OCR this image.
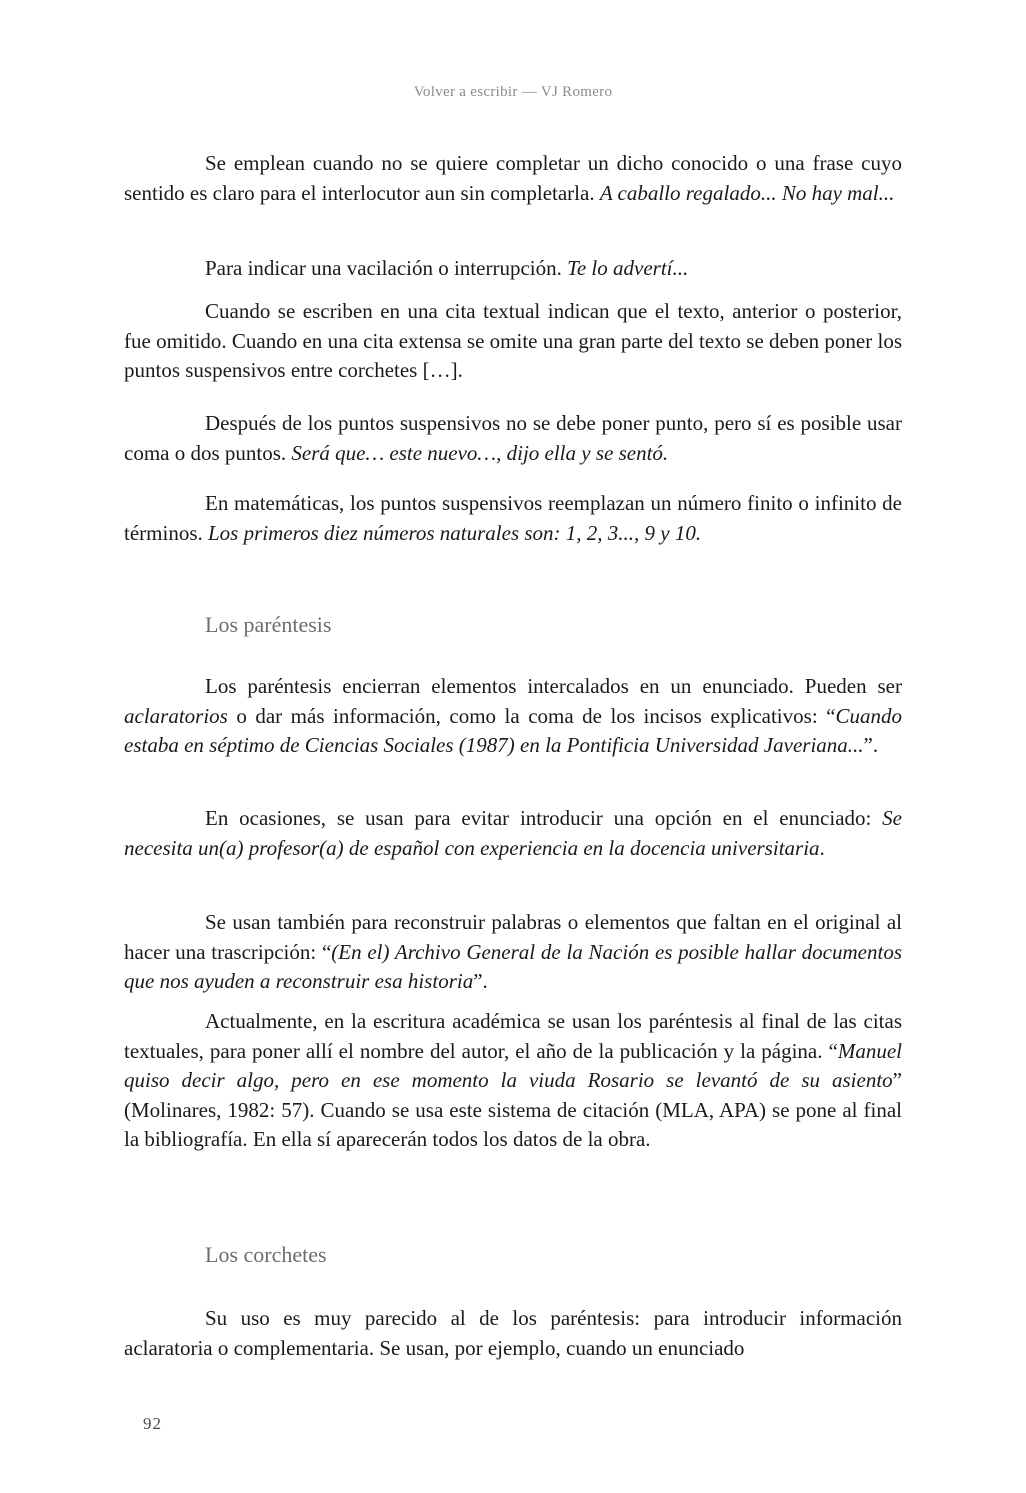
Volver a escribir — VJ Romero

Se emplean cuando no se quiere completar un dicho conocido o una frase cuyo sentido es claro para el interlocutor aun sin completarla. A caballo regalado... No hay mal...

Para indicar una vacilación o interrupción. Te lo advertí...

Cuando se escriben en una cita textual indican que el texto, anterior o posterior, fue omitido. Cuando en una cita extensa se omite una gran parte del texto se deben poner los puntos suspensivos entre corchetes […].

Después de los puntos suspensivos no se debe poner punto, pero sí es posible usar coma o dos puntos. Será que… este nuevo…, dijo ella y se sentó.

En matemáticas, los puntos suspensivos reemplazan un número finito o infinito de términos. Los primeros diez números naturales son: 1, 2, 3..., 9 y 10.

Los paréntesis

Los paréntesis encierran elementos intercalados en un enunciado. Pueden ser aclaratorios o dar más información, como la coma de los incisos explicativos: “Cuando estaba en séptimo de Ciencias Sociales (1987) en la Pontificia Universidad Javeriana...”.

En ocasiones, se usan para evitar introducir una opción en el enunciado: Se necesita un(a) profesor(a) de español con experiencia en la docencia universitaria.

Se usan también para reconstruir palabras o elementos que faltan en el original al hacer una trascripción: “(En el) Archivo General de la Nación es posible hallar documentos que nos ayuden a reconstruir esa historia”.

Actualmente, en la escritura académica se usan los paréntesis al final de las citas textuales, para poner allí el nombre del autor, el año de la publicación y la página. “Manuel quiso decir algo, pero en ese momento la viuda Rosario se levantó de su asiento” (Molinares, 1982: 57). Cuando se usa este sistema de citación (MLA, APA) se pone al final la bibliografía. En ella sí aparecerán todos los datos de la obra.

Los corchetes

Su uso es muy parecido al de los paréntesis: para introducir información aclaratoria o complementaria. Se usan, por ejemplo, cuando un enunciado

92
